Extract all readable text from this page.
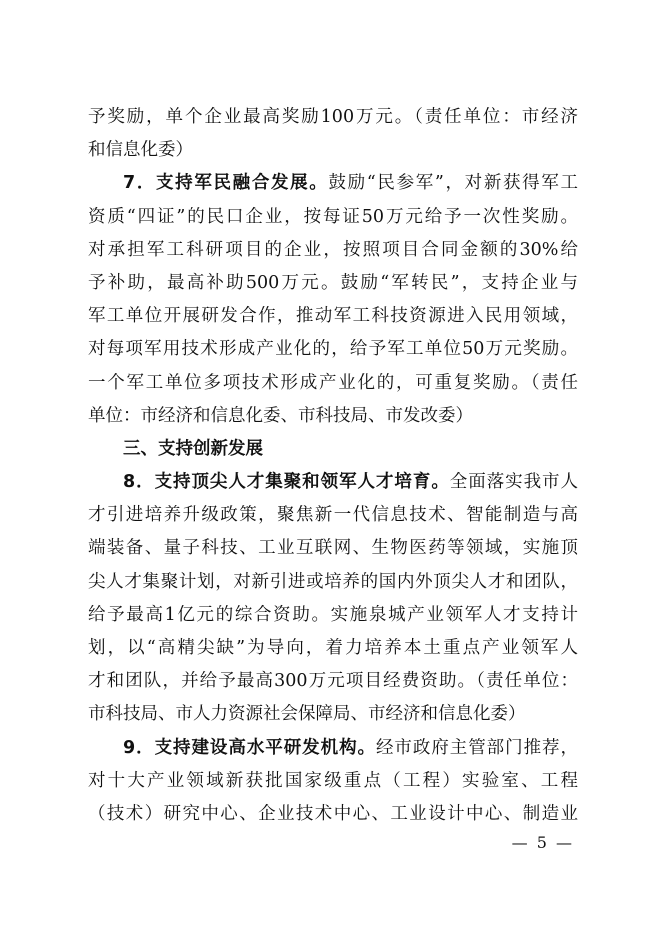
予奖励，单个企业最高奖励100万元。（责任单位：市经济
和信息化委）
7．支持军民融合发展。鼓励“民参军”，对新获得军工
资质“四证”的民口企业，按每证50万元给予一次性奖励。
对承担军工科研项目的企业，按照项目合同金额的30%给
予补助，最高补助500万元。鼓励“军转民”，支持企业与
军工单位开展研发合作，推动军工科技资源进入民用领域，
对每项军用技术形成产业化的，给予军工单位50万元奖励。
一个军工单位多项技术形成产业化的，可重复奖励。（责任
单位：市经济和信息化委、市科技局、市发改委）
三、支持创新发展
8．支持顶尖人才集聚和领军人才培育。全面落实我市人
才引进培养升级政策，聚焦新一代信息技术、智能制造与高
端装备、量子科技、工业互联网、生物医药等领域，实施顶
尖人才集聚计划，对新引进或培养的国内外顶尖人才和团队，
给予最高1亿元的综合资助。实施泉城产业领军人才支持计
划，以“高精尖缺”为导向，着力培养本土重点产业领军人
才和团队，并给予最高300万元项目经费资助。（责任单位：
市科技局、市人力资源社会保障局、市经济和信息化委）
9．支持建设高水平研发机构。经市政府主管部门推荐，
对十大产业领域新获批国家级重点（工程）实验室、工程
（技术）研究中心、企业技术中心、工业设计中心、制造业
— 5 —
